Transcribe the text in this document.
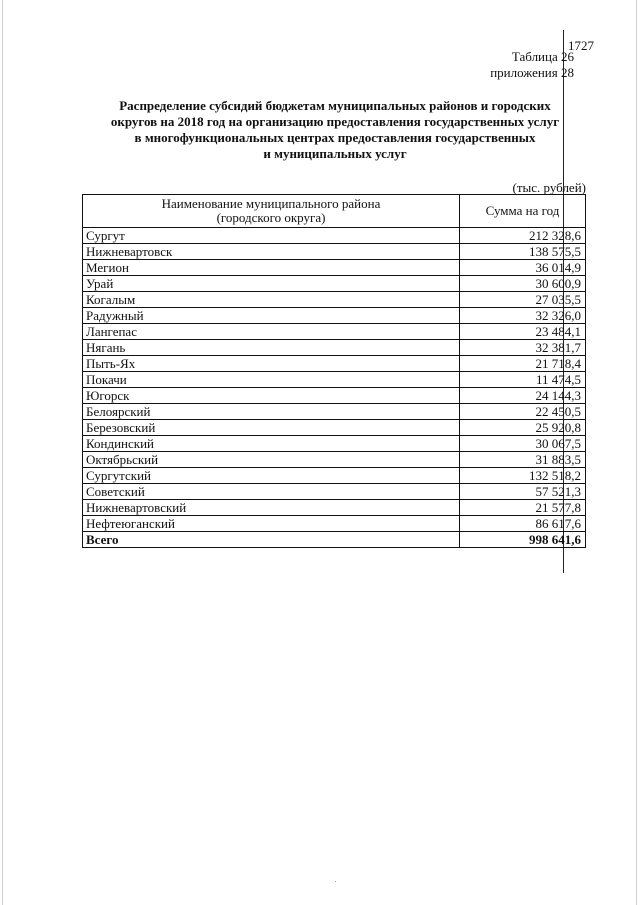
1727
Таблица 26
приложения 28
Распределение субсидий бюджетам муниципальных районов и городских
округов на 2018 год на организацию предоставления государственных услуг
в многофункциональных центрах предоставления государственных
и муниципальных услуг
(тыс. рублей)
Наименование муниципального района
(городского округа)	Сумма на год
Сургут	212 328,6
Нижневартовск	138 575,5
Мегион	36 014,9
Урай	30 600,9
Когалым	27 035,5
Радужный	32 326,0
Лангепас	23 484,1
Нягань	32 381,7
Пыть-Ях	21 718,4
Покачи	11 474,5
Югорск	24 144,3
Белоярский	22 450,5
Березовский	25 920,8
Кондинский	30 067,5
Октябрьский	31 883,5
Сургутский	132 518,2
Советский	57 521,3
Нижневартовский	21 577,8
Нефтеюганский	86 617,6
Всего	998 641,6
